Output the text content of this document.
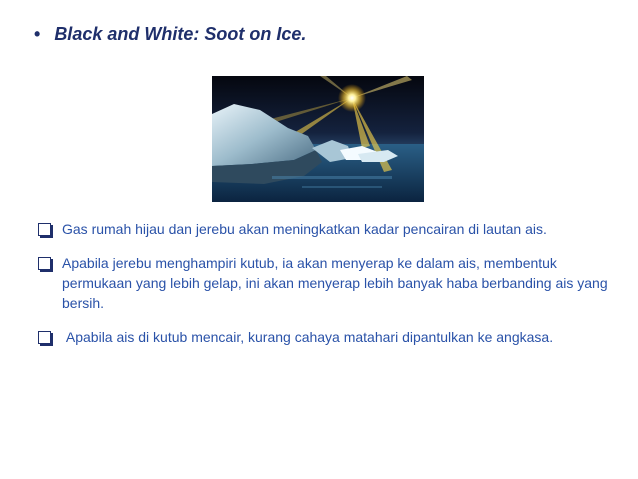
• Black and White: Soot on Ice.
Gas rumah hijau dan jerebu akan meningkatkan kadar pencairan di lautan ais.
Apabila jerebu menghampiri kutub, ia akan menyerap ke dalam ais, membentuk permukaan yang lebih gelap, ini akan menyerap lebih banyak haba berbanding ais yang bersih.
Apabila ais di kutub mencair, kurang cahaya matahari dipantulkan ke angkasa.
